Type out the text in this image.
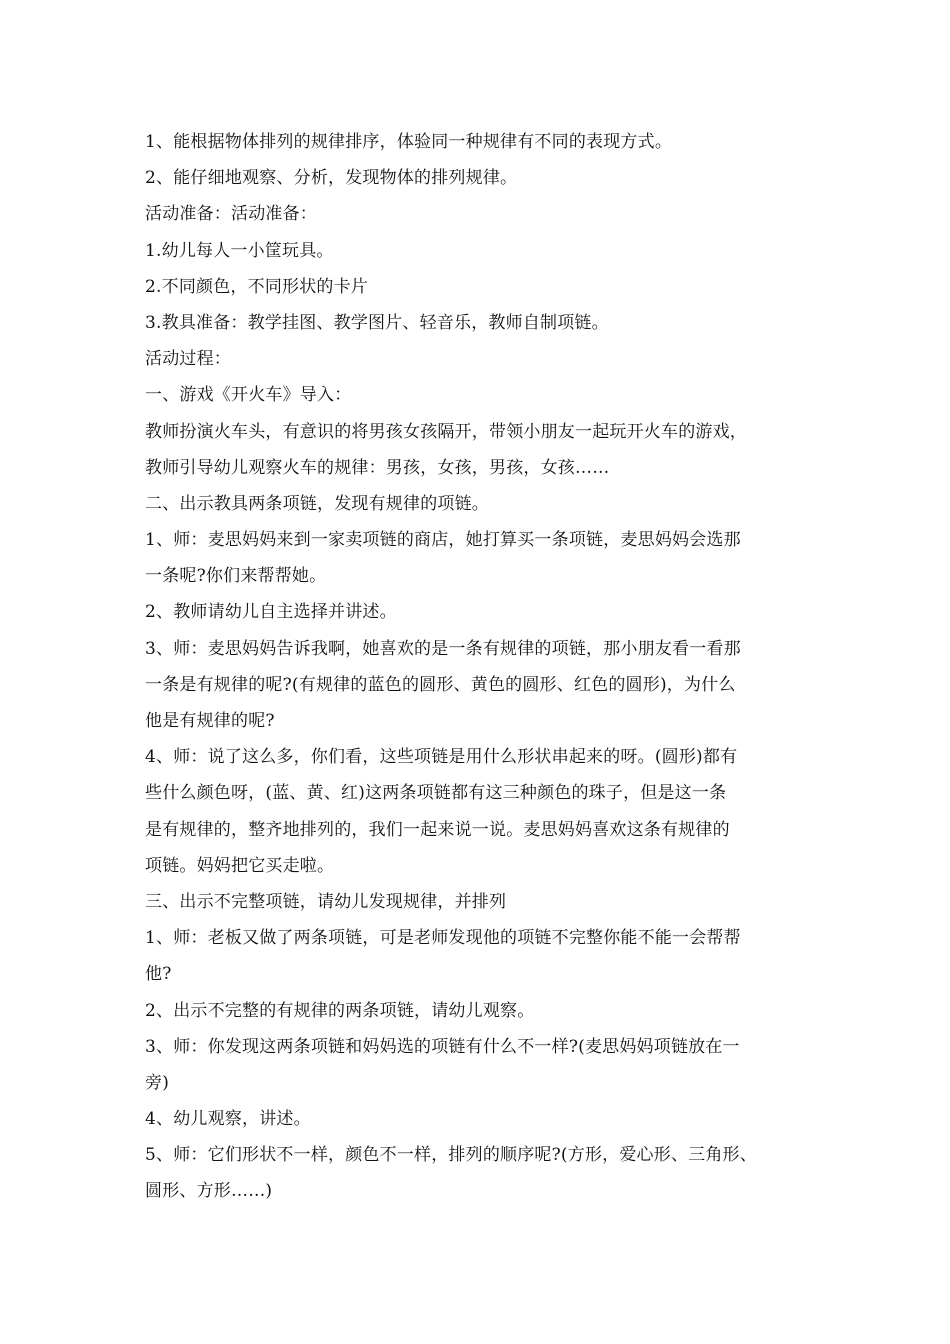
1、能根据物体排列的规律排序，体验同一种规律有不同的表现方式。
2、能仔细地观察、分析，发现物体的排列规律。
活动准备：活动准备：
1.幼儿每人一小筐玩具。
2.不同颜色，不同形状的卡片
3.教具准备：教学挂图、教学图片、轻音乐，教师自制项链。
活动过程：
一、游戏《开火车》导入：
教师扮演火车头，有意识的将男孩女孩隔开，带领小朋友一起玩开火车的游戏，
教师引导幼儿观察火车的规律：男孩，女孩，男孩，女孩……
二、出示教具两条项链，发现有规律的项链。
1、师：麦思妈妈来到一家卖项链的商店，她打算买一条项链，麦思妈妈会选那
一条呢?你们来帮帮她。
2、教师请幼儿自主选择并讲述。
3、师：麦思妈妈告诉我啊，她喜欢的是一条有规律的项链，那小朋友看一看那
一条是有规律的呢?(有规律的蓝色的圆形、黄色的圆形、红色的圆形)，为什么
他是有规律的呢?
4、师：说了这么多，你们看，这些项链是用什么形状串起来的呀。(圆形)都有
些什么颜色呀，(蓝、黄、红)这两条项链都有这三种颜色的珠子，但是这一条
是有规律的，整齐地排列的，我们一起来说一说。麦思妈妈喜欢这条有规律的
项链。妈妈把它买走啦。
三、出示不完整项链，请幼儿发现规律，并排列
1、师：老板又做了两条项链，可是老师发现他的项链不完整你能不能一会帮帮
他?
2、出示不完整的有规律的两条项链，请幼儿观察。
3、师：你发现这两条项链和妈妈选的项链有什么不一样?(麦思妈妈项链放在一
旁)
4、幼儿观察，讲述。
5、师：它们形状不一样，颜色不一样，排列的顺序呢?(方形，爱心形、三角形、
圆形、方形……)
